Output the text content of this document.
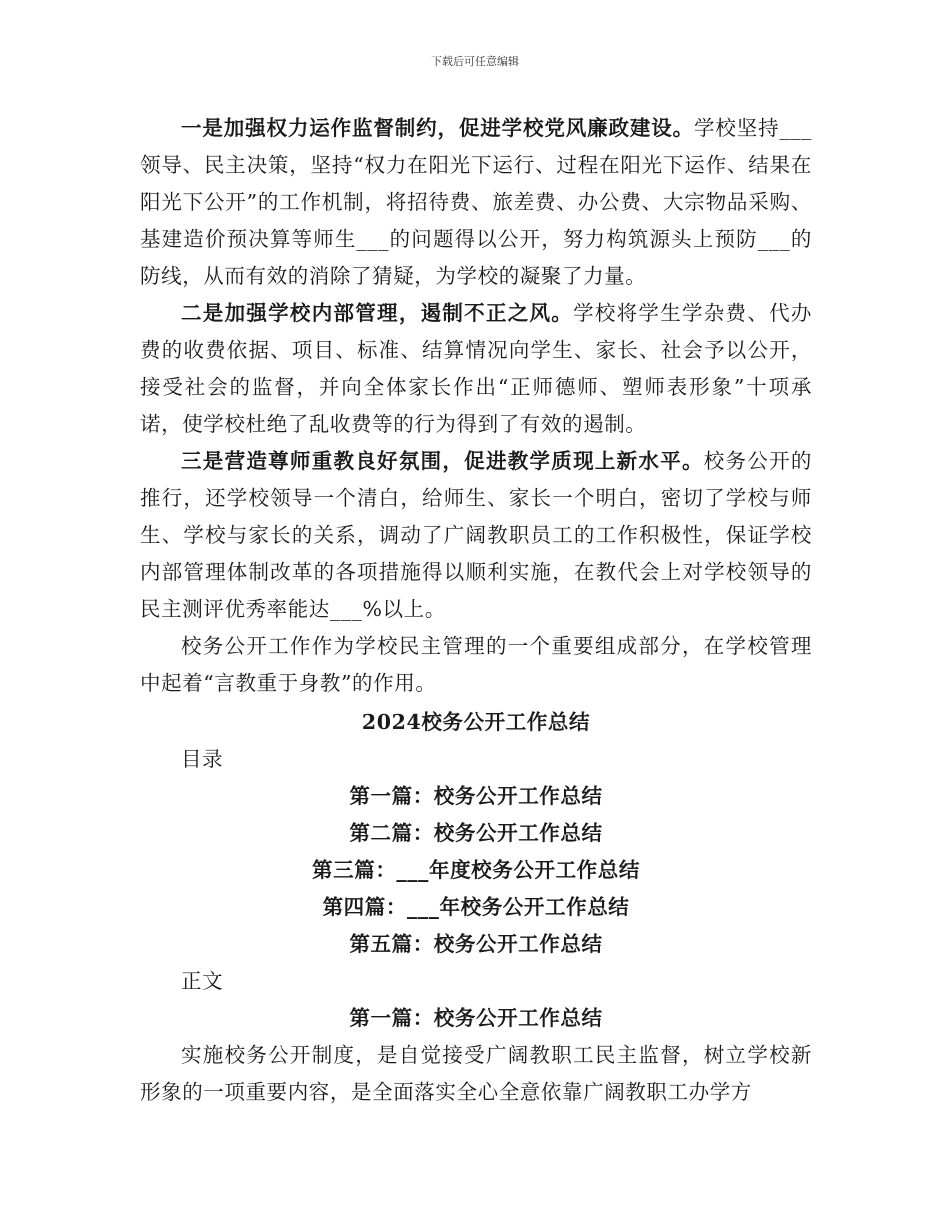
下载后可任意编辑

一是加强权力运作监督制约，促进学校党风廉政建设。学校坚持___领导、民主决策，坚持“权力在阳光下运行、过程在阳光下运作、结果在阳光下公开”的工作机制，将招待费、旅差费、办公费、大宗物品采购、基建造价预决算等师生___的问题得以公开，努力构筑源头上预防___的防线，从而有效的消除了猜疑，为学校的凝聚了力量。

二是加强学校内部管理，遏制不正之风。学校将学生学杂费、代办费的收费依据、项目、标准、结算情况向学生、家长、社会予以公开，接受社会的监督，并向全体家长作出“正师德师、塑师表形象”十项承诺，使学校杜绝了乱收费等的行为得到了有效的遏制。

三是营造尊师重教良好氛围，促进教学质现上新水平。校务公开的推行，还学校领导一个清白，给师生、家长一个明白，密切了学校与师生、学校与家长的关系，调动了广阔教职员工的工作积极性，保证学校内部管理体制改革的各项措施得以顺利实施，在教代会上对学校领导的民主测评优秀率能达___%以上。

校务公开工作作为学校民主管理的一个重要组成部分，在学校管理中起着“言教重于身教”的作用。

2024校务公开工作总结

目录

第一篇：校务公开工作总结

第二篇：校务公开工作总结

第三篇：___年度校务公开工作总结

第四篇：___年校务公开工作总结

第五篇：校务公开工作总结

正文

第一篇：校务公开工作总结

实施校务公开制度，是自觉接受广阔教职工民主监督，树立学校新形象的一项重要内容，是全面落实全心全意依靠广阔教职工办学方
